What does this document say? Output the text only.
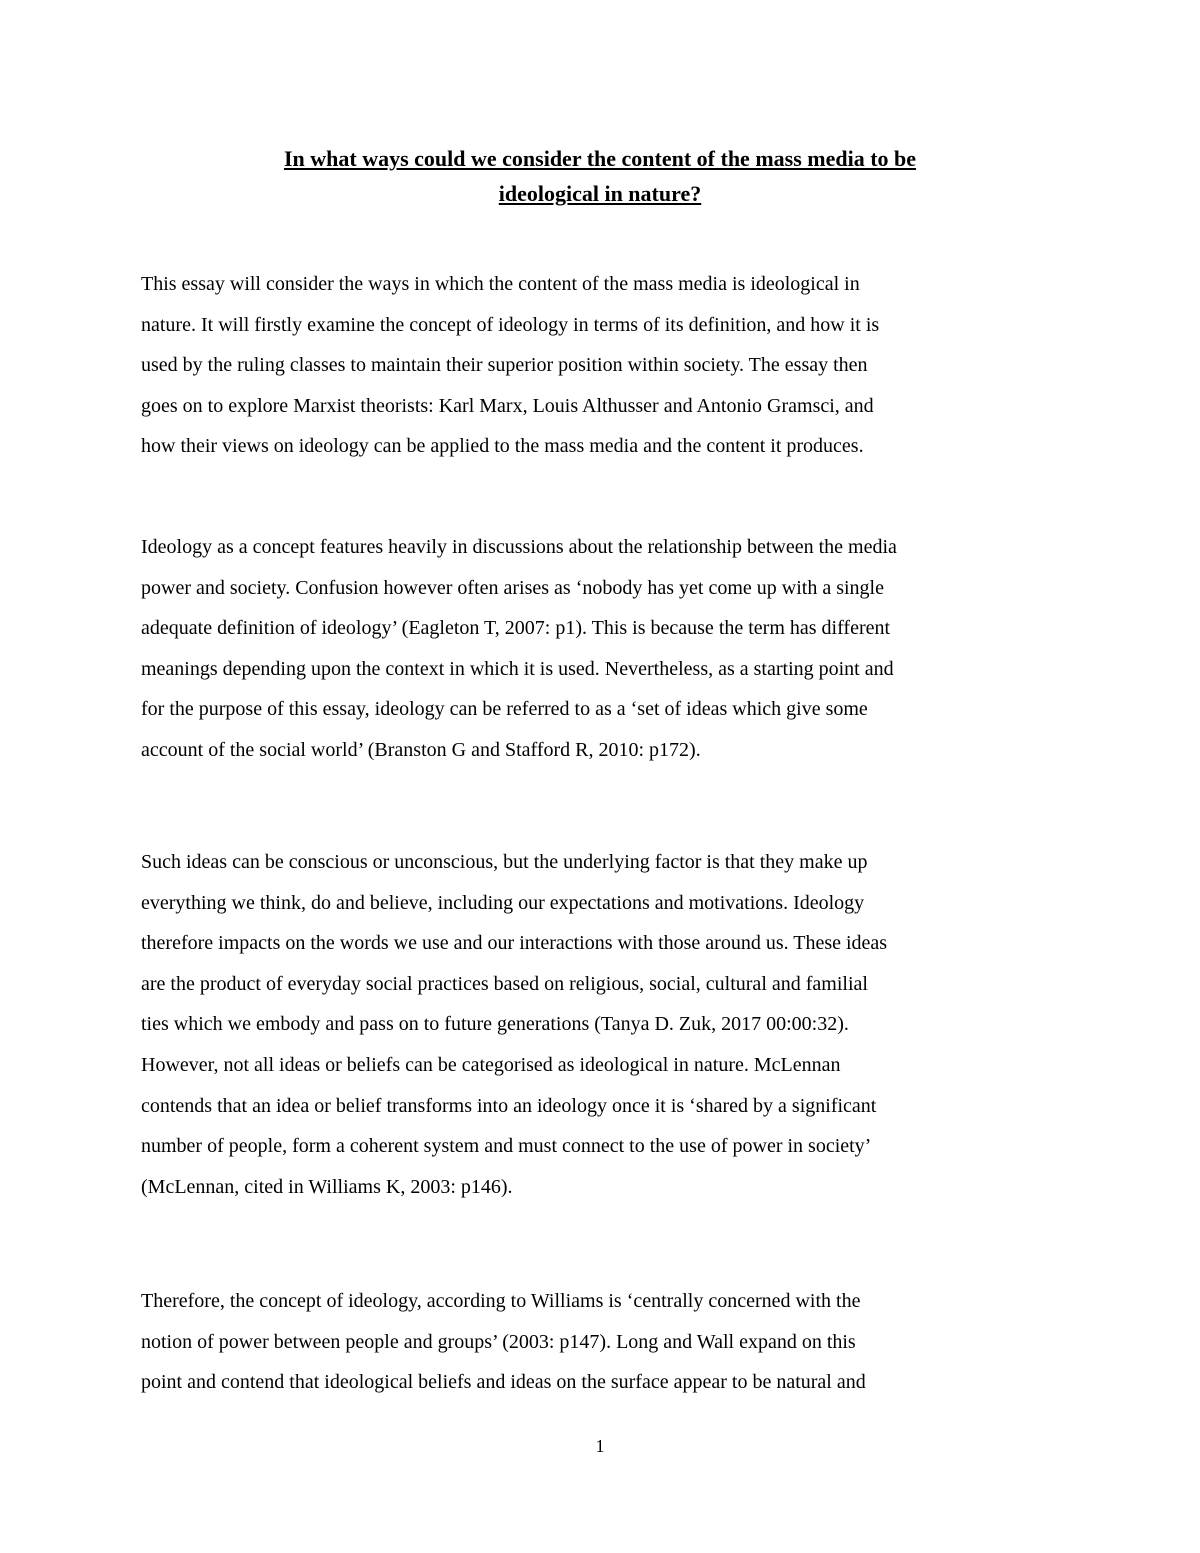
In what ways could we consider the content of the mass media to be
ideological in nature?

This essay will consider the ways in which the content of the mass media is ideological in
nature. It will firstly examine the concept of ideology in terms of its definition, and how it is
used by the ruling classes to maintain their superior position within society. The essay then
goes on to explore Marxist theorists: Karl Marx, Louis Althusser and Antonio Gramsci, and
how their views on ideology can be applied to the mass media and the content it produces.

Ideology as a concept features heavily in discussions about the relationship between the media
power and society. Confusion however often arises as ‘nobody has yet come up with a single
adequate definition of ideology’ (Eagleton T, 2007: p1). This is because the term has different
meanings depending upon the context in which it is used. Nevertheless, as a starting point and
for the purpose of this essay, ideology can be referred to as a ‘set of ideas which give some
account of the social world’ (Branston G and Stafford R, 2010: p172).

Such ideas can be conscious or unconscious, but the underlying factor is that they make up
everything we think, do and believe, including our expectations and motivations. Ideology
therefore impacts on the words we use and our interactions with those around us. These ideas
are the product of everyday social practices based on religious, social, cultural and familial
ties which we embody and pass on to future generations (Tanya D. Zuk, 2017 00:00:32).
However, not all ideas or beliefs can be categorised as ideological in nature. McLennan
contends that an idea or belief transforms into an ideology once it is ‘shared by a significant
number of people, form a coherent system and must connect to the use of power in society’
(McLennan, cited in Williams K, 2003: p146).

Therefore, the concept of ideology, according to Williams is ‘centrally concerned with the
notion of power between people and groups’ (2003: p147). Long and Wall expand on this
point and contend that ideological beliefs and ideas on the surface appear to be natural and

1
